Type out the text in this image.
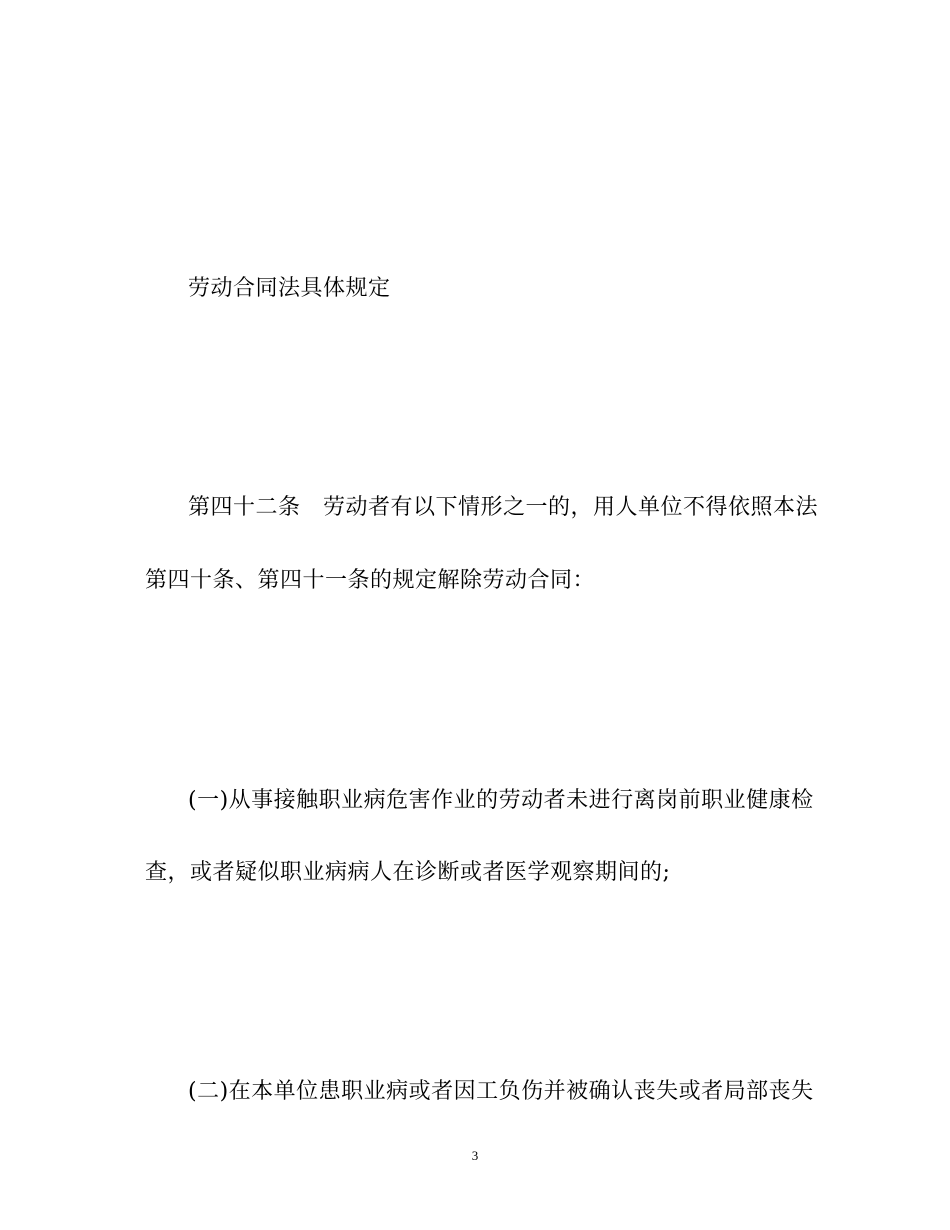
劳动合同法具体规定
第四十二条　劳动者有以下情形之一的，用人单位不得依照本法
第四十条、第四十一条的规定解除劳动合同：
(一)从事接触职业病危害作业的劳动者未进行离岗前职业健康检
查，或者疑似职业病病人在诊断或者医学观察期间的;
(二)在本单位患职业病或者因工负伤并被确认丧失或者局部丧失
3
